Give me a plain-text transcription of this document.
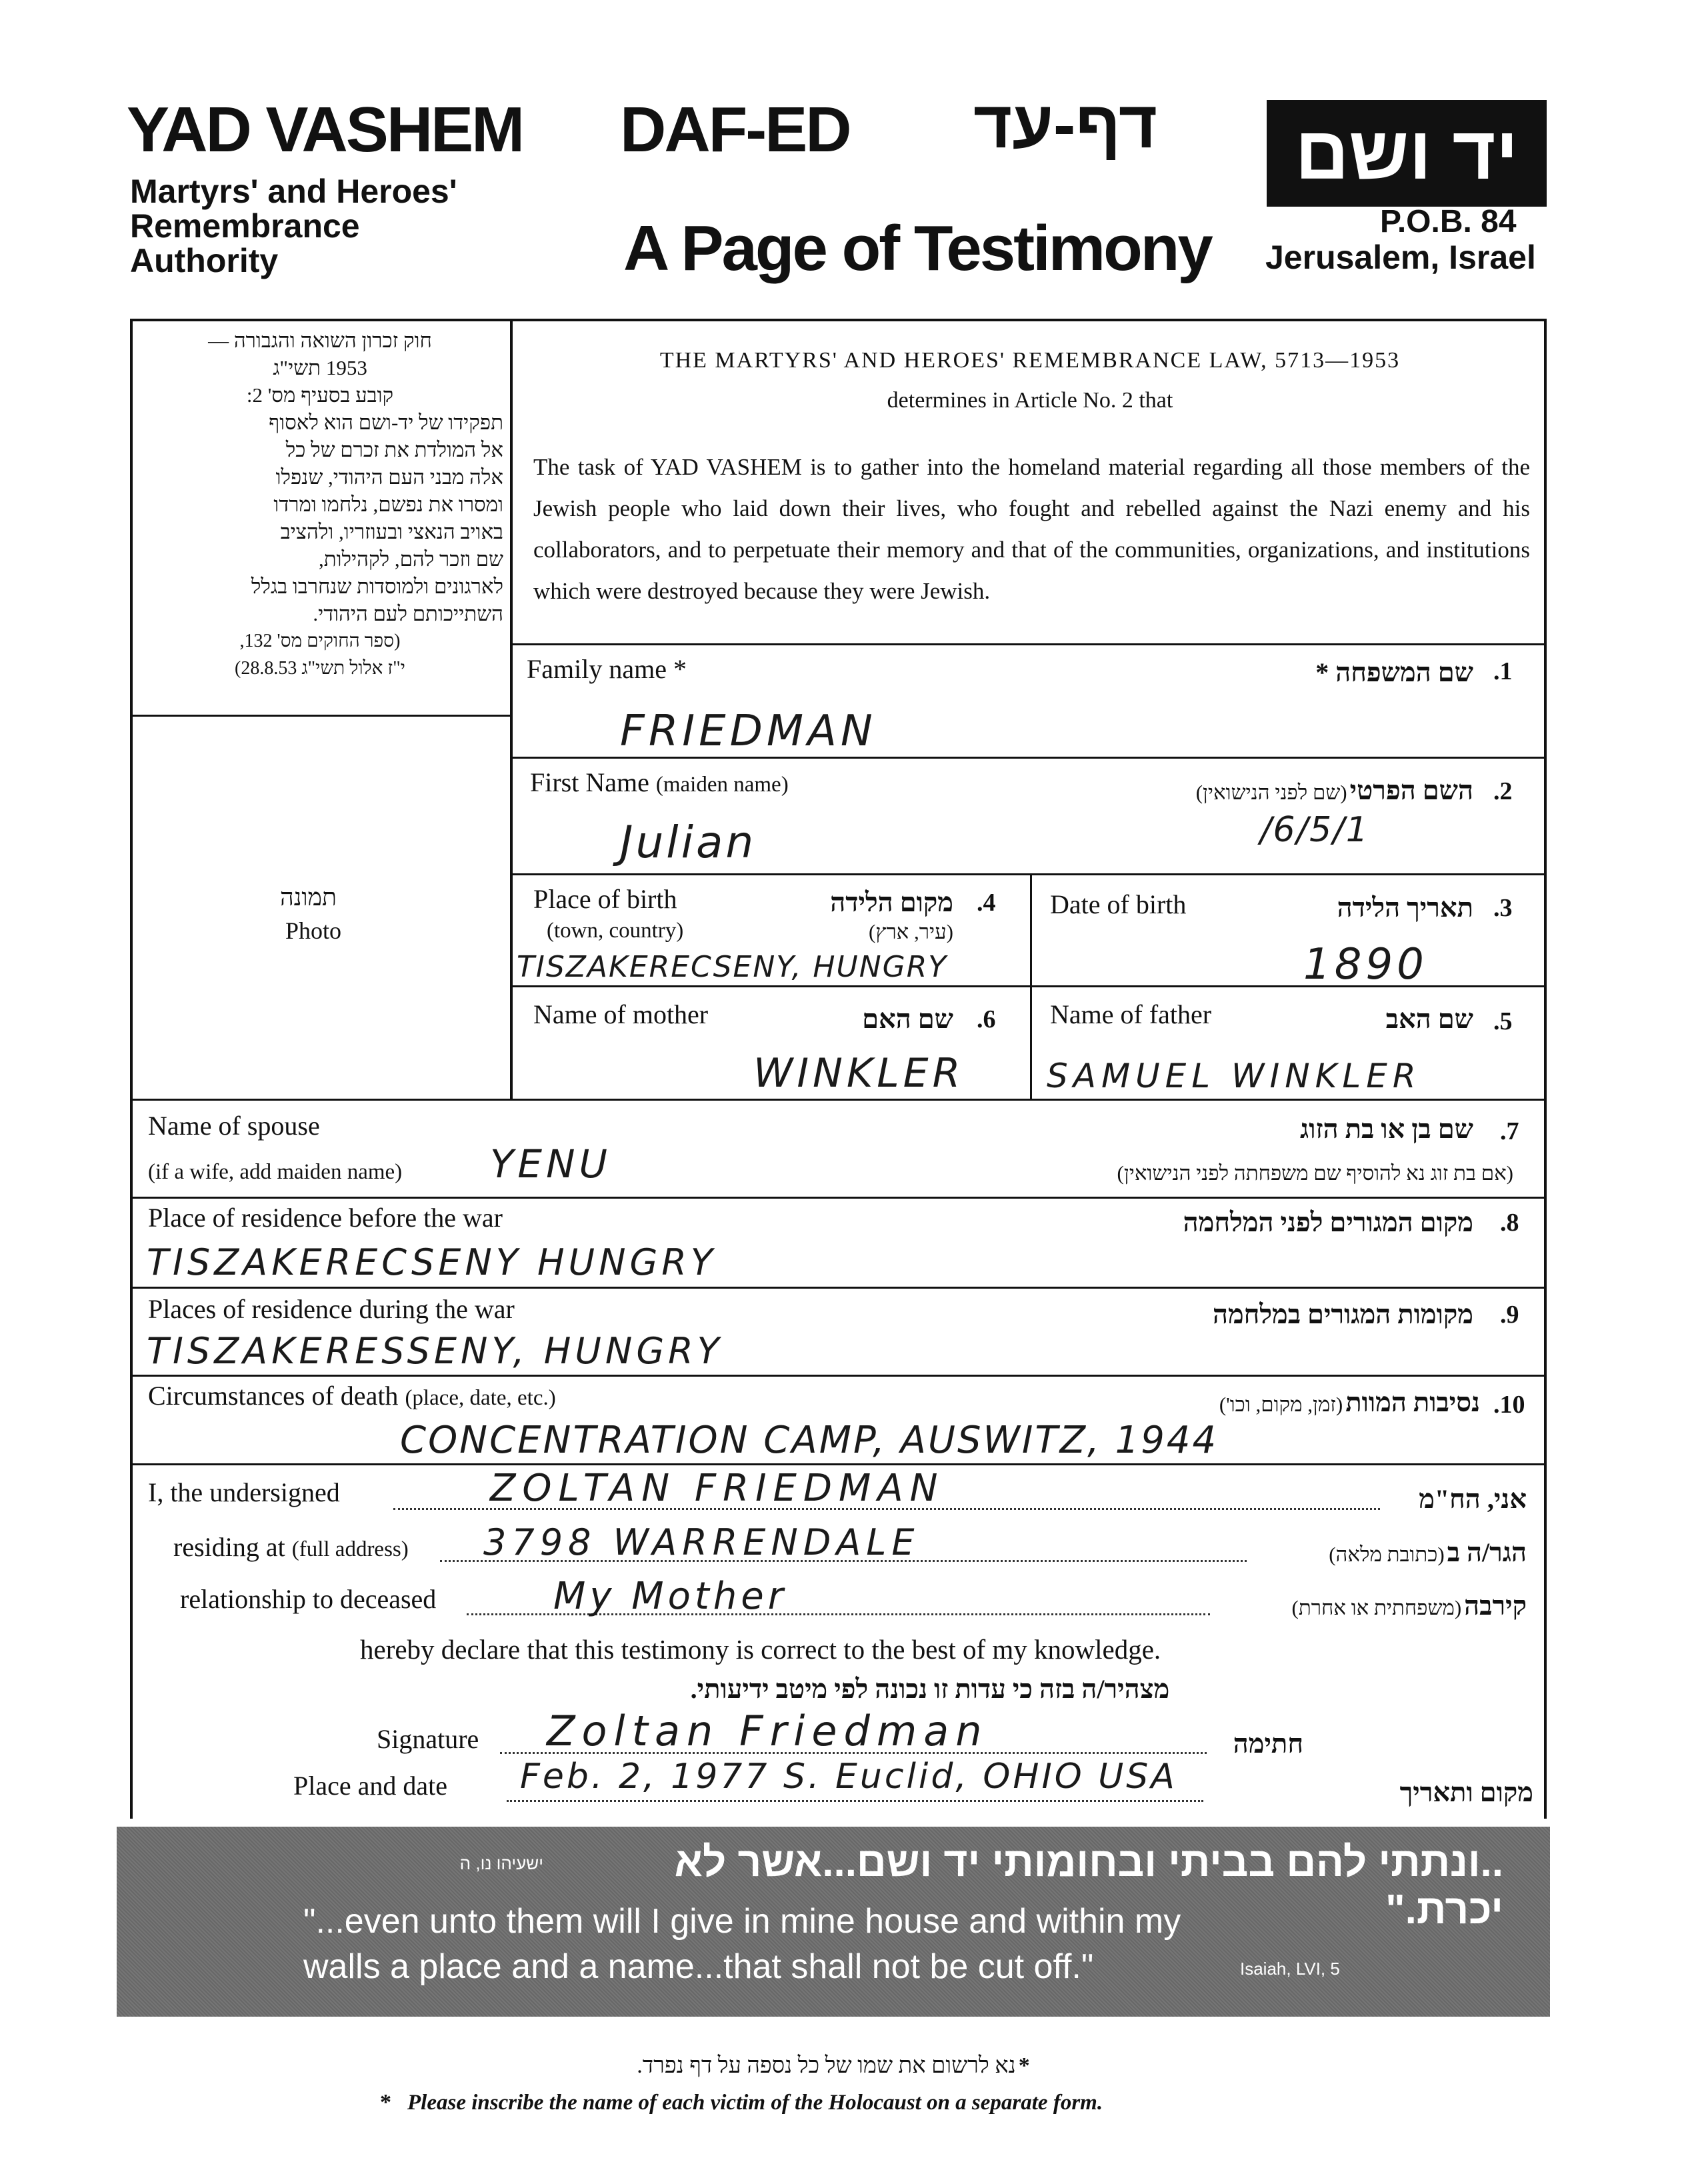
YAD VASHEM
Martyrs' and Heroes'
Remembrance
Authority
DAF-ED דף-עד	יד ושם
A Page of Testimony	P.O.B. 84
Jerusalem, Israel
חוק זכרון השואה והגבורה —
1953 תשי"ג
קובע בסעיף מס' 2:
תפקידו של יד-ושם הוא לאסוף
אל המולדת את זכרם של כל
אלה מבני העם היהודי, שנפלו
ומסרו את נפשם, נלחמו ומרדו
באויב הנאצי ובעוזריו, ולהציב
שם וזכר להם, לקהילות,
לארגונים ולמוסדות שנחרבו בגלל
השתייכותם לעם היהודי.
(ספר החוקים מס' 132,
י"ז אלול תשי"ג 28.8.53)
תמונה
Photo
THE MARTYRS' AND HEROES' REMEMBRANCE LAW, 5713—1953
determines in Article No. 2 that
The task of YAD VASHEM is to gather into the homeland material regarding all those members of the Jewish people who laid down their lives, who fought and rebelled against the Nazi enemy and his collaborators, and to perpetuate their memory and that of the communities, organizations, and institutions which were destroyed because they were Jewish.
Family name *	שם המשפחה * .1
FRIEDMAN
First Name (maiden name)	השם הפרטי (שם לפני הנישואין)	.2
Julian	/6/5/1
Place of birth
(town, country)
מקום הלידה
(עיר, ארץ)
.4
TISZAKERECSENY, HUNGRY
Date of birth	תאריך הלידה .3
1890
Name of mother	שם האם .6
WINKLER
Name of father	שם האב .5
SAMUEL WINKLER
Name of spouse
(if a wife, add maiden name)
שם בן או בת הזוג
(אם בת זוג נא להוסיף שם משפחתה לפני הנישואין)
.7
YENU
Place of residence before the war	מקום המגורים לפני המלחמה .8
TISZAKERECSENY HUNGRY
Places of residence during the war	מקומות המגורים במלחמה .9
TISZAKERESSENY, HUNGRY
Circumstances of death (place, date, etc.)	נסיבות המוות (זמן, מקום, וכו')	.10
CONCENTRATION CAMP, AUSWITZ, 1944
I, the undersigned	ZOLTAN FRIEDMAN	אני, הח"מ
residing at (full address) 3798 WARRENDALE	הגר/ה ב (כתובת מלאה)
relationship to deceased	My Mother	קירבה (משפחתית או אחרת)
hereby declare that this testimony is correct to the best of my knowledge.
מצהיר/ה בזה כי עדות זו נכונה לפי מיטב ידיעותי.
Signature Zoltan Friedman	חתימה
Place and date Feb. 2, 1977 S. Euclid, OHIO USA	מקום ותאריך
..ונתתי להם בביתי ובחומותי יד ושם...אשר לא יכרת."
ישעיהו נו, ה
"...even unto them will I give in mine house and within my
walls a place and a name...that shall not be cut off."	Isaiah, LVI, 5
* נא לרשום את שמו של כל נספה על דף נפרד.
* Please inscribe the name of each victim of the Holocaust on a separate form.
